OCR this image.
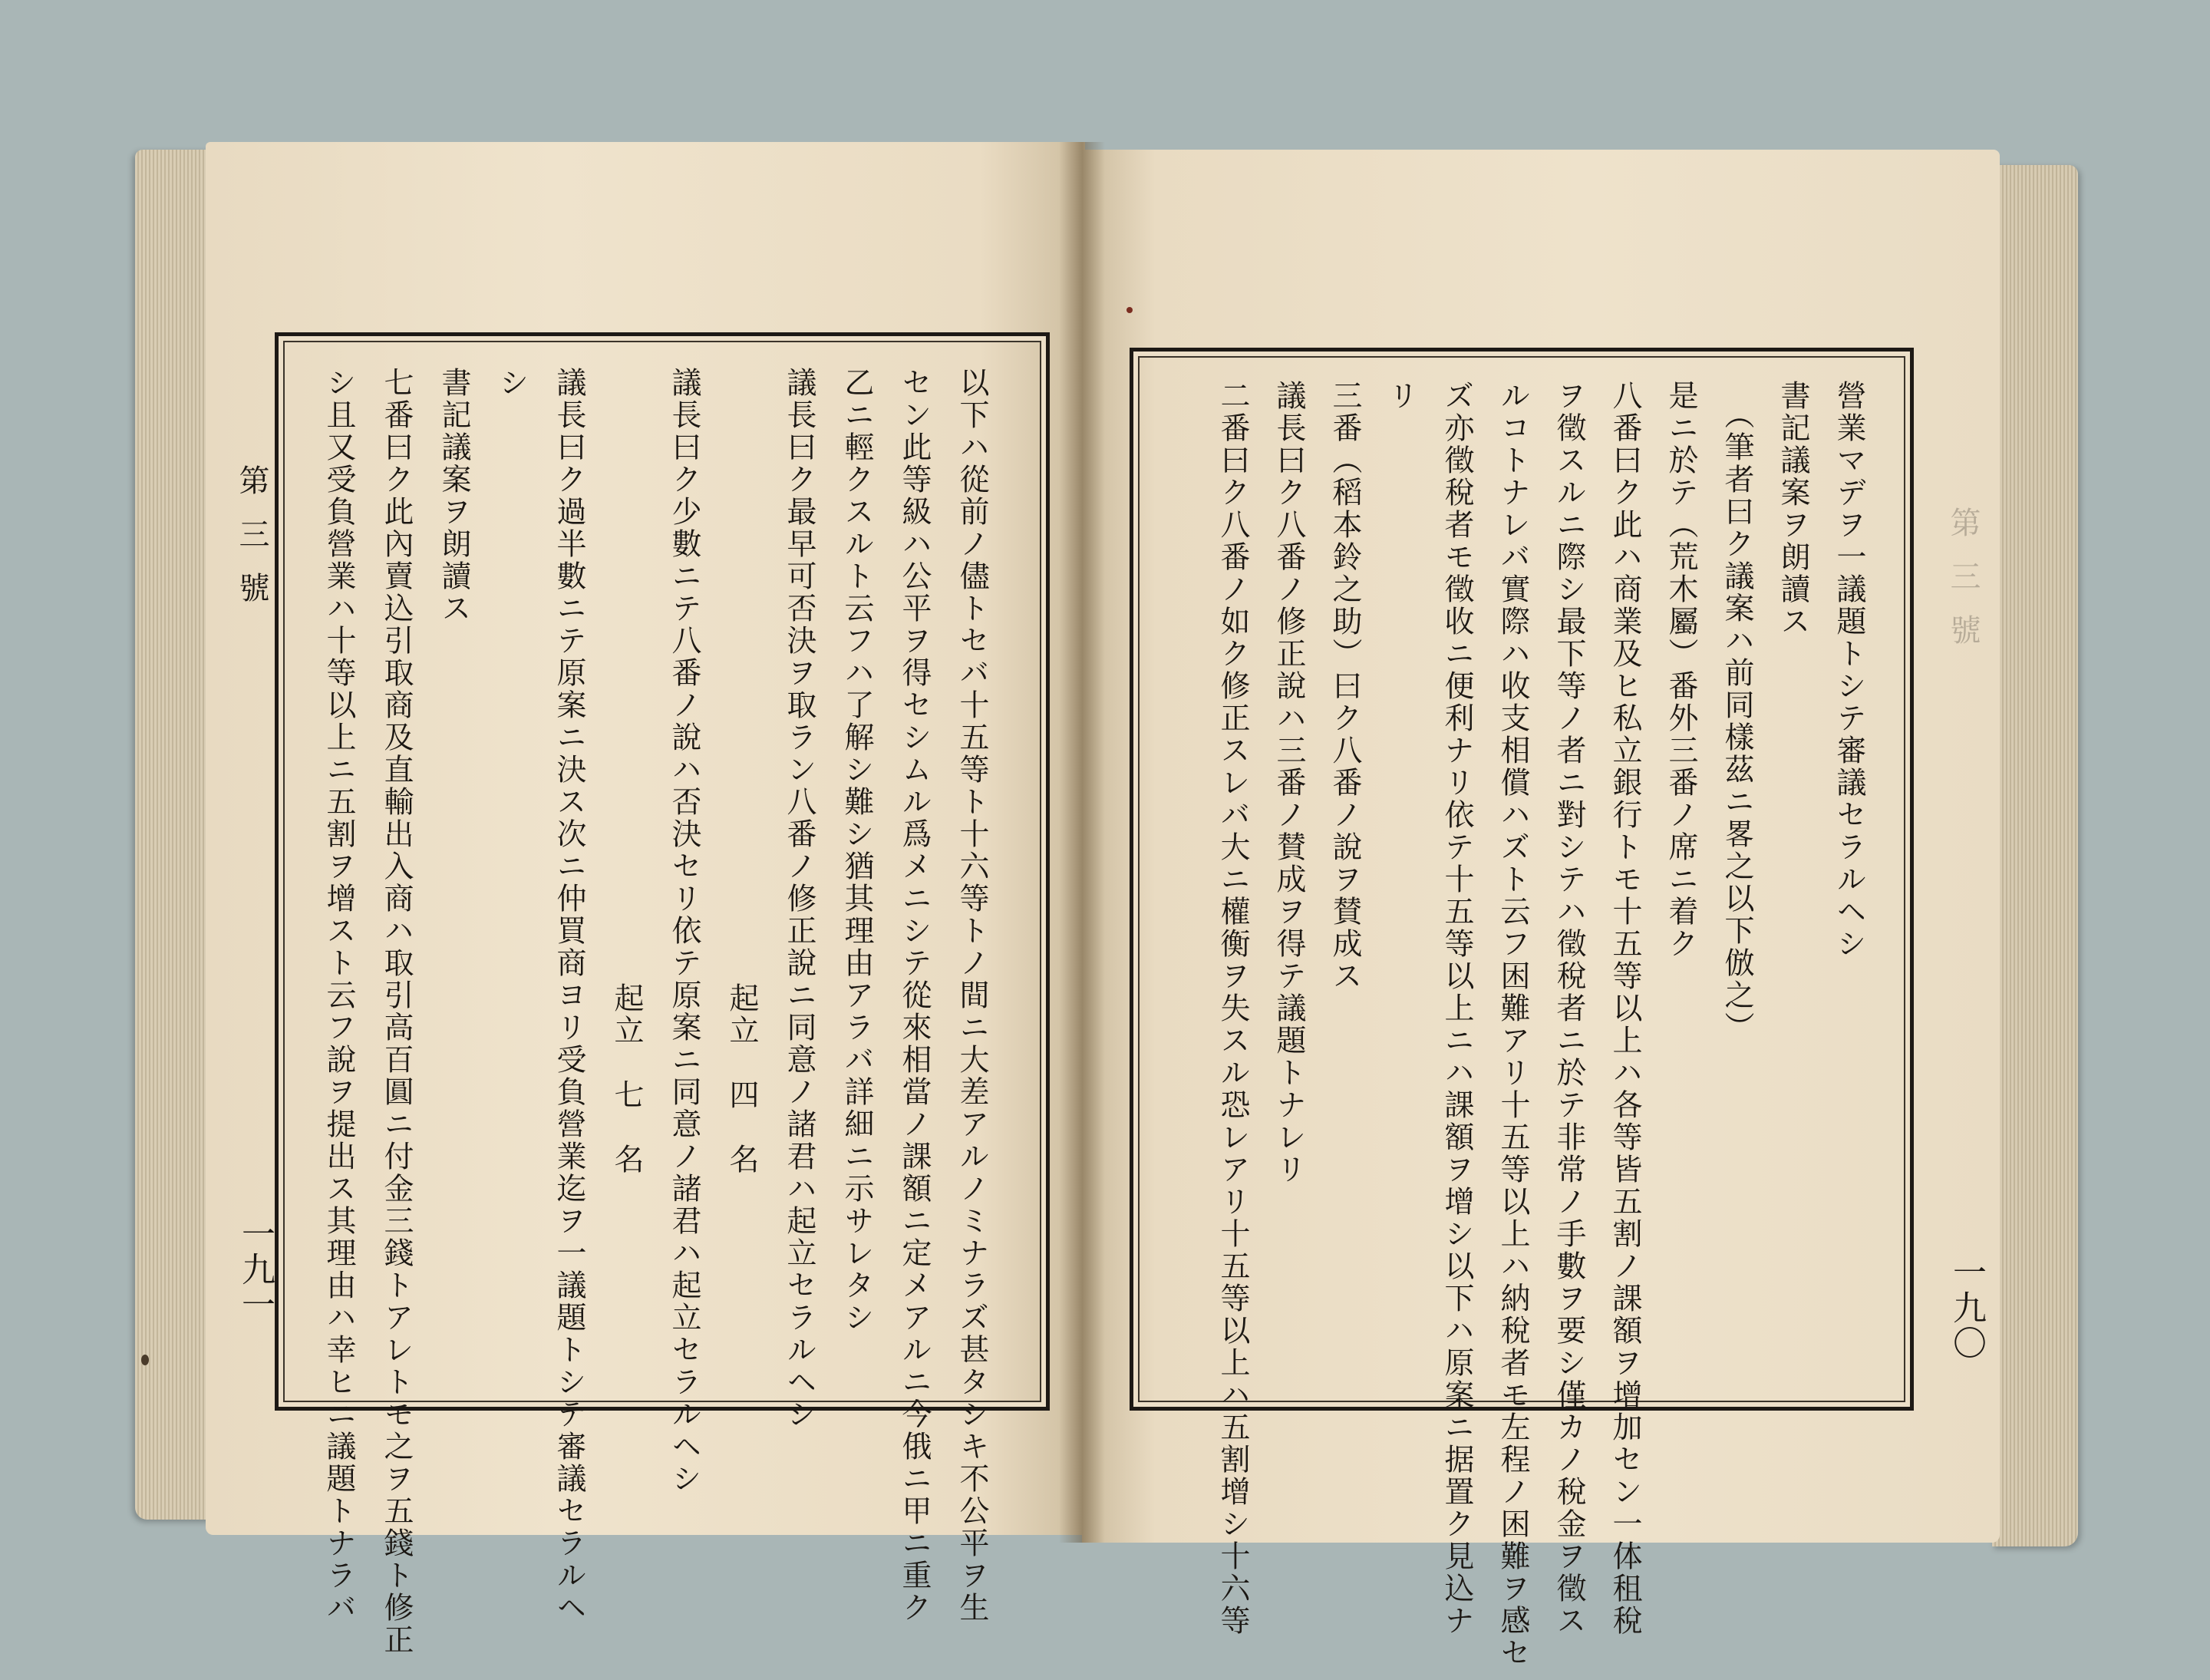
第三號
一九一	以下ハ從前ノ儘トセバ十五等ト十六等トノ間ニ大差アルノミナラズ甚タシキ不公平ヲ生
セン此等級ハ公平ヲ得セシムル爲メニシテ從來相當ノ課額ニ定メアルニ今俄ニ甲ニ重ク
乙ニ輕クスルト云フハ了解シ難シ猶其理由アラバ詳細ニ示サレタシ
議長曰ク最早可否決ヲ取ラン八番ノ修正說ニ同意ノ諸君ハ起立セラルヘシ
起立　四　名
議長曰ク少數ニテ八番ノ說ハ否決セリ依テ原案ニ同意ノ諸君ハ起立セラルヘシ
起立　七　名
議長曰ク過半數ニテ原案ニ決ス次ニ仲買商ヨリ受負營業迄ヲ一議題トシテ審議セラルヘ
シ
書記議案ヲ朗讀ス
七番曰ク此內賣込引取商及直輸出入商ハ取引高百圓ニ付金三錢トアレトモ之ヲ五錢ト修正
シ且又受負營業ハ十等以上ニ五割ヲ增スト云フ說ヲ提出ス其理由ハ幸ヒニ議題トナラバ	第三號
一九〇
營業マデヲ一議題トシテ審議セラルヘシ
書記議案ヲ朗讀ス
（筆者曰ク議案ハ前同樣茲ニ畧之以下倣之）
是ニ於テ（荒木屬）番外三番ノ席ニ着ク
八番曰ク此ハ商業及ヒ私立銀行トモ十五等以上ハ各等皆五割ノ課額ヲ增加セン一体租稅
ヲ徵スルニ際シ最下等ノ者ニ對シテハ徵稅者ニ於テ非常ノ手數ヲ要シ僅カノ稅金ヲ徵ス
ルコトナレバ實際ハ收支相償ハズト云フ困難アリ十五等以上ハ納稅者モ左程ノ困難ヲ感セ
ズ亦徵稅者モ徵收ニ便利ナリ依テ十五等以上ニハ課額ヲ增シ以下ハ原案ニ据置ク見込ナ
リ
三番（稻本鈴之助）曰ク八番ノ說ヲ賛成ス
議長曰ク八番ノ修正說ハ三番ノ賛成ヲ得テ議題トナレリ
二番曰ク八番ノ如ク修正スレバ大ニ權衡ヲ失スル恐レアリ十五等以上ハ五割增シ十六等
